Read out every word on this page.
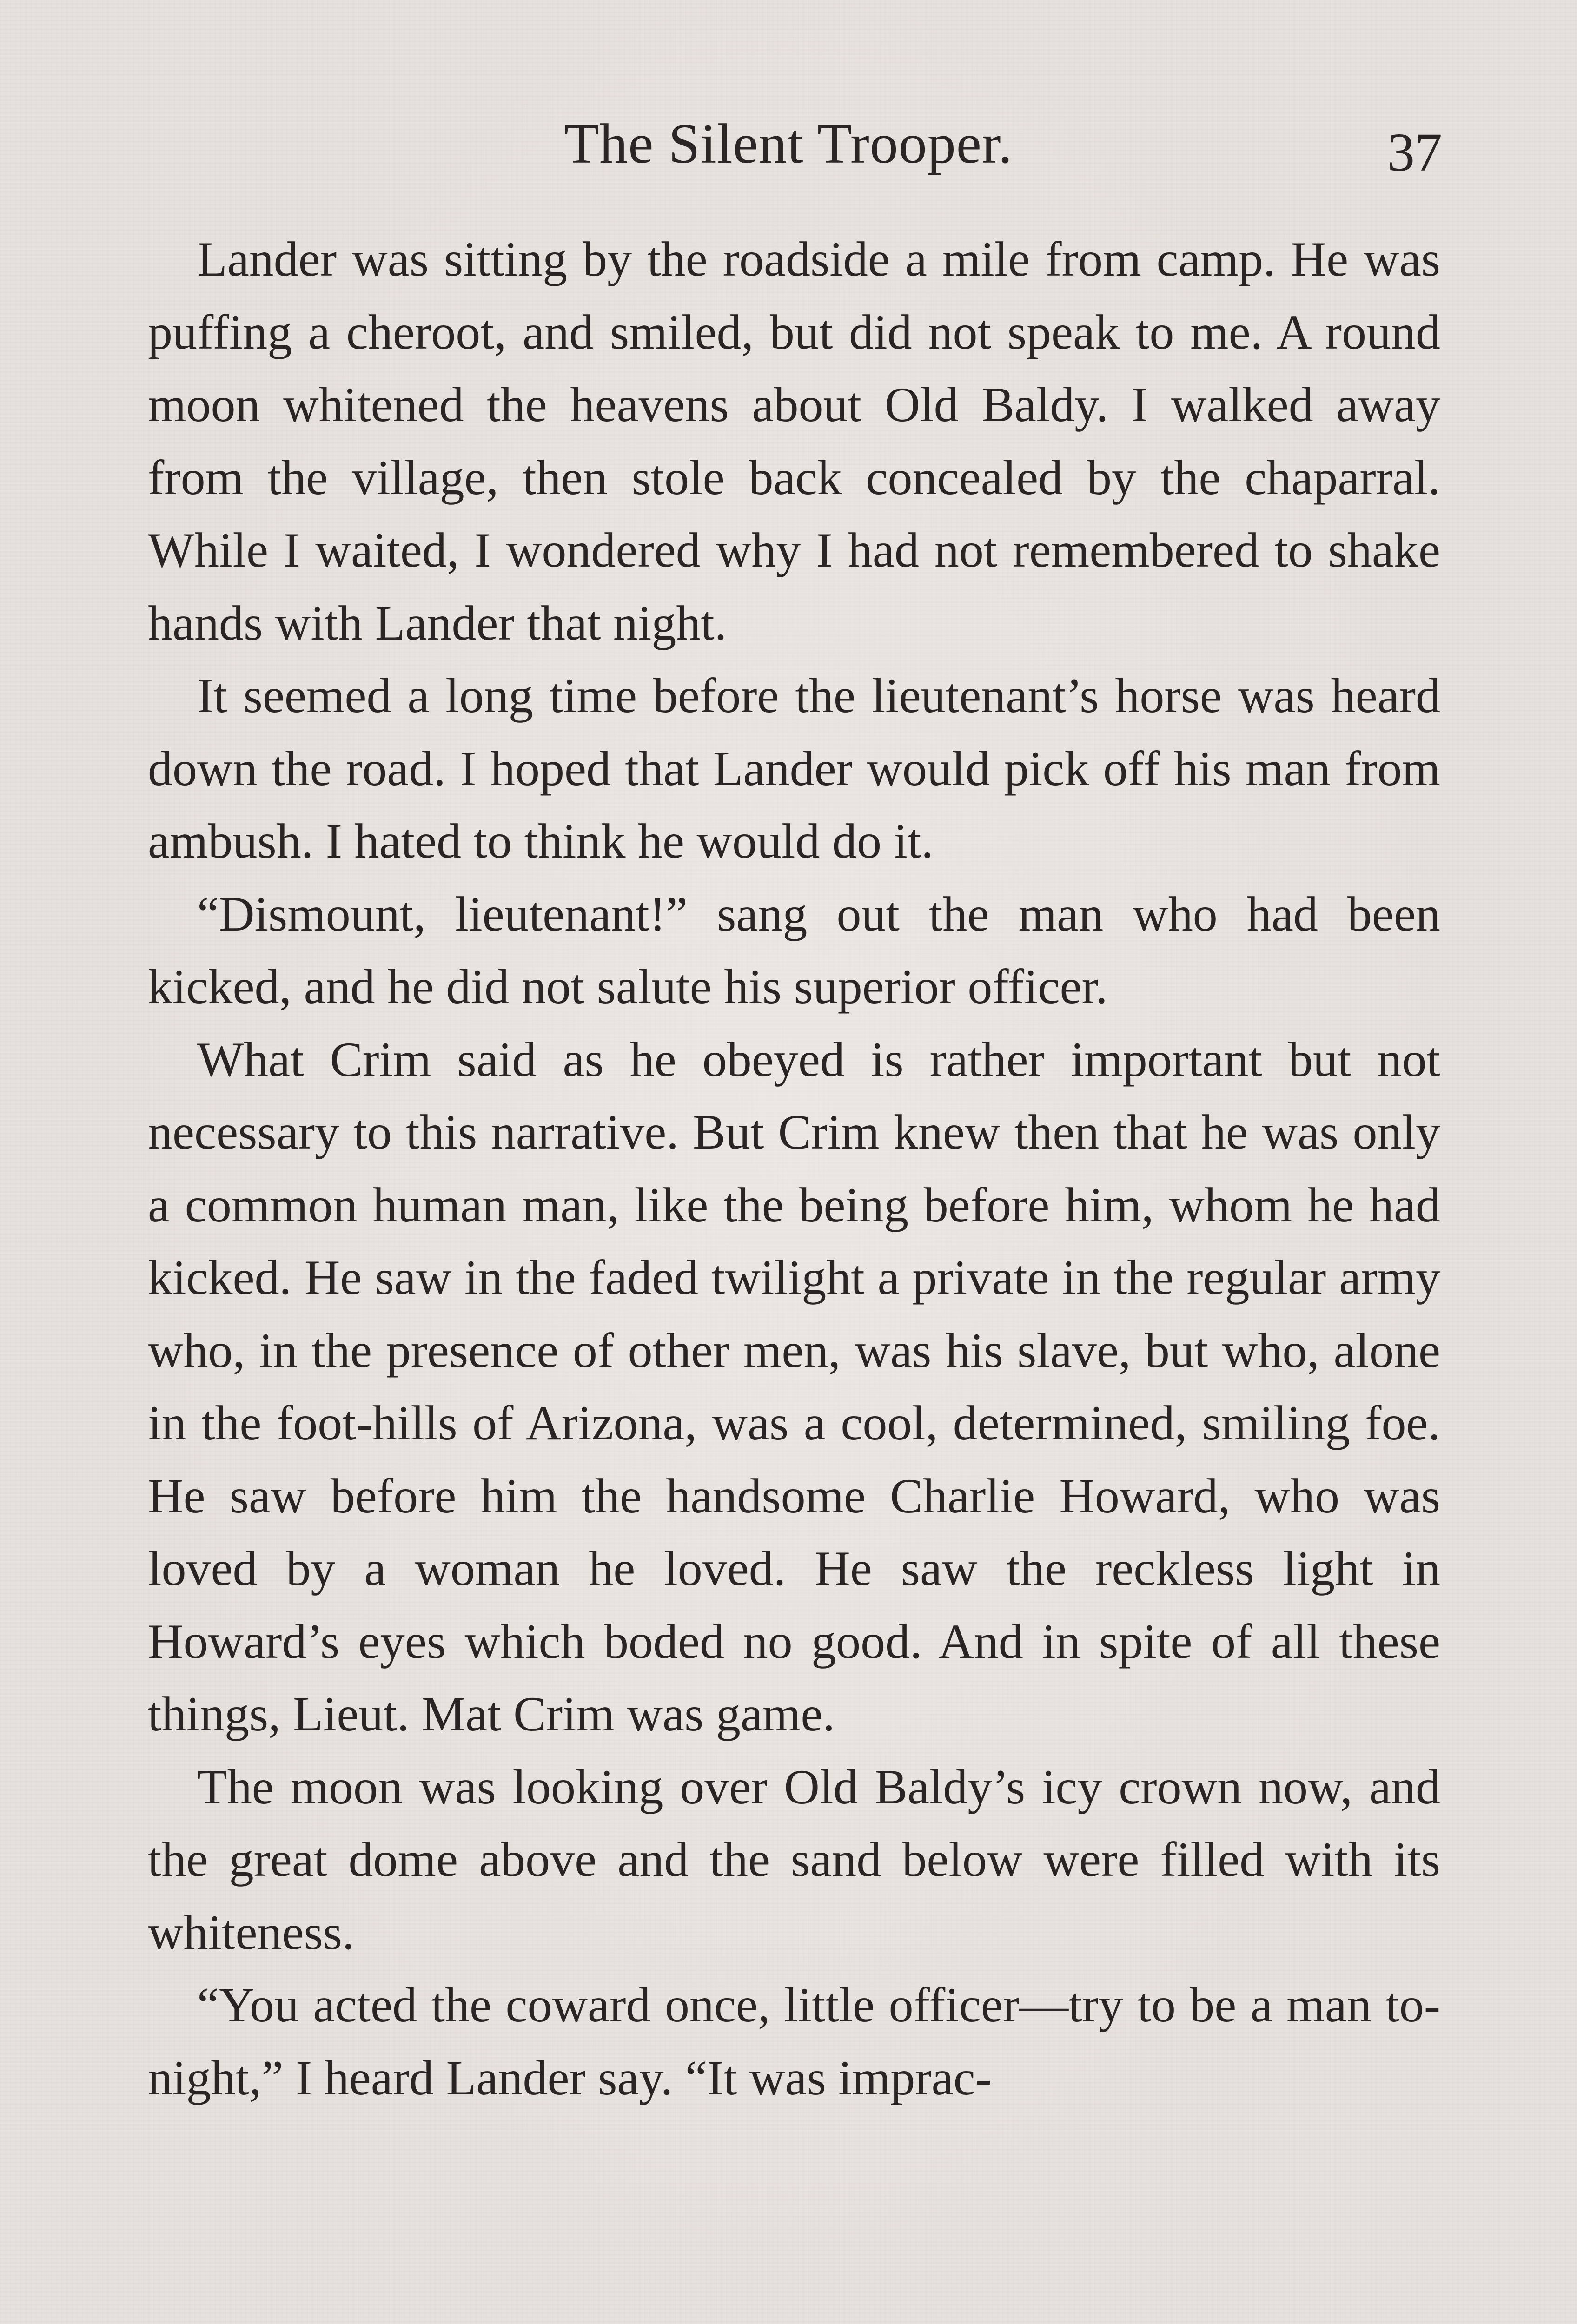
The Silent Trooper.	37

Lander was sitting by the roadside a mile from camp. He was puffing a cheroot, and smiled, but did not speak to me. A round moon whitened the heavens about Old Baldy. I walked away from the village, then stole back concealed by the chaparral. While I waited, I wondered why I had not remembered to shake hands with Lander that night.

It seemed a long time before the lieutenant’s horse was heard down the road. I hoped that Lander would pick off his man from ambush. I hated to think he would do it.

“Dismount, lieutenant!” sang out the man who had been kicked, and he did not salute his superior officer.

What Crim said as he obeyed is rather important but not necessary to this narrative. But Crim knew then that he was only a common human man, like the being before him, whom he had kicked. He saw in the faded twilight a private in the regular army who, in the presence of other men, was his slave, but who, alone in the foot-hills of Arizona, was a cool, determined, smiling foe. He saw before him the handsome Charlie Howard, who was loved by a woman he loved. He saw the reckless light in Howard’s eyes which boded no good. And in spite of all these things, Lieut. Mat Crim was game.

The moon was looking over Old Baldy’s icy crown now, and the great dome above and the sand below were filled with its whiteness.

“You acted the coward once, little officer—try to be a man to-night,” I heard Lander say. “It was imprac-
